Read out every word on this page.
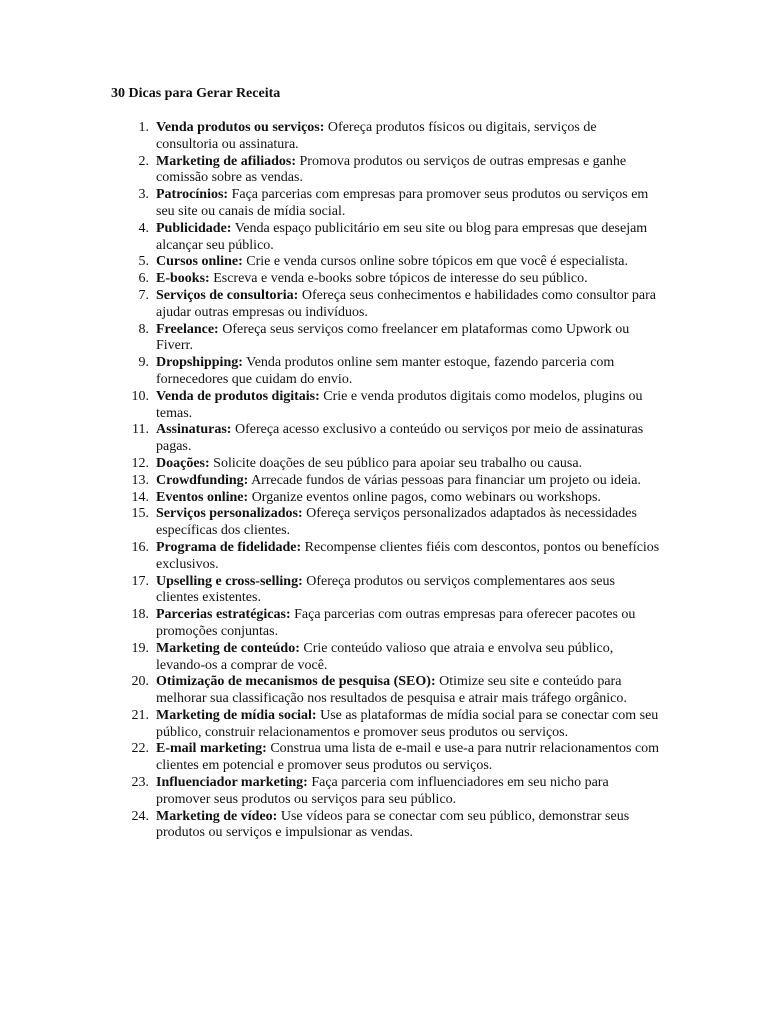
30 Dicas para Gerar Receita
1. Venda produtos ou serviços: Ofereça produtos físicos ou digitais, serviços de consultoria ou assinatura.
2. Marketing de afiliados: Promova produtos ou serviços de outras empresas e ganhe comissão sobre as vendas.
3. Patrocínios: Faça parcerias com empresas para promover seus produtos ou serviços em seu site ou canais de mídia social.
4. Publicidade: Venda espaço publicitário em seu site ou blog para empresas que desejam alcançar seu público.
5. Cursos online: Crie e venda cursos online sobre tópicos em que você é especialista.
6. E-books: Escreva e venda e-books sobre tópicos de interesse do seu público.
7. Serviços de consultoria: Ofereça seus conhecimentos e habilidades como consultor para ajudar outras empresas ou indivíduos.
8. Freelance: Ofereça seus serviços como freelancer em plataformas como Upwork ou Fiverr.
9. Dropshipping: Venda produtos online sem manter estoque, fazendo parceria com fornecedores que cuidam do envio.
10. Venda de produtos digitais: Crie e venda produtos digitais como modelos, plugins ou temas.
11. Assinaturas: Ofereça acesso exclusivo a conteúdo ou serviços por meio de assinaturas pagas.
12. Doações: Solicite doações de seu público para apoiar seu trabalho ou causa.
13. Crowdfunding: Arrecade fundos de várias pessoas para financiar um projeto ou ideia.
14. Eventos online: Organize eventos online pagos, como webinars ou workshops.
15. Serviços personalizados: Ofereça serviços personalizados adaptados às necessidades específicas dos clientes.
16. Programa de fidelidade: Recompense clientes fiéis com descontos, pontos ou benefícios exclusivos.
17. Upselling e cross-selling: Ofereça produtos ou serviços complementares aos seus clientes existentes.
18. Parcerias estratégicas: Faça parcerias com outras empresas para oferecer pacotes ou promoções conjuntas.
19. Marketing de conteúdo: Crie conteúdo valioso que atraia e envolva seu público, levando-os a comprar de você.
20. Otimização de mecanismos de pesquisa (SEO): Otimize seu site e conteúdo para melhorar sua classificação nos resultados de pesquisa e atrair mais tráfego orgânico.
21. Marketing de mídia social: Use as plataformas de mídia social para se conectar com seu público, construir relacionamentos e promover seus produtos ou serviços.
22. E-mail marketing: Construa uma lista de e-mail e use-a para nutrir relacionamentos com clientes em potencial e promover seus produtos ou serviços.
23. Influenciador marketing: Faça parceria com influenciadores em seu nicho para promover seus produtos ou serviços para seu público.
24. Marketing de vídeo: Use vídeos para se conectar com seu público, demonstrar seus produtos ou serviços e impulsionar as vendas.
